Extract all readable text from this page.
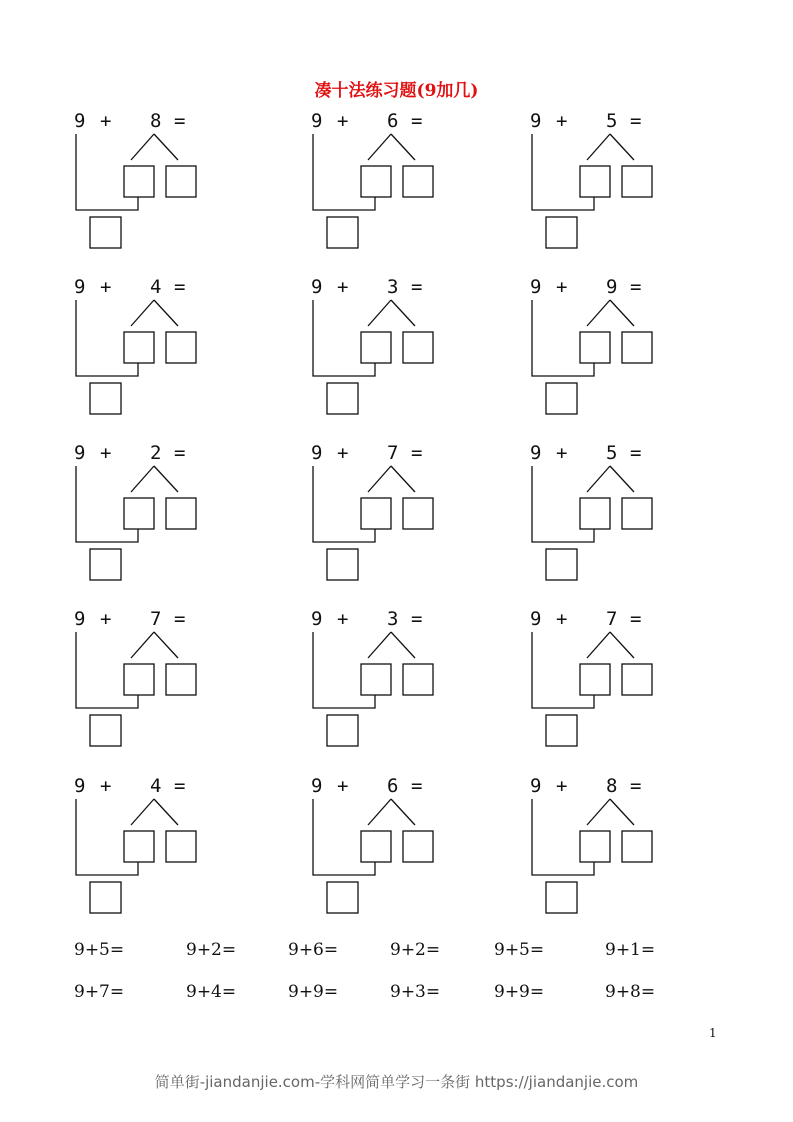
凑十法练习题(9加几)
9 + 8 =	9 + 6 =	9 + 5 =
9 + 4 =	9 + 3 =	9 + 9 =
9 + 2 =	9 + 7 =	9 + 5 =
9 + 7 =	9 + 3 =	9 + 7 =
9 + 4 =	9 + 6 =	9 + 8 =
9+5=	9+2=	9+6=	9+2=	9+5=	9+1=
9+7=	9+4=	9+9=	9+3=	9+9=	9+8=
1
简单街-jiandanjie.com-学科网简单学习一条街 https://jiandanjie.com
